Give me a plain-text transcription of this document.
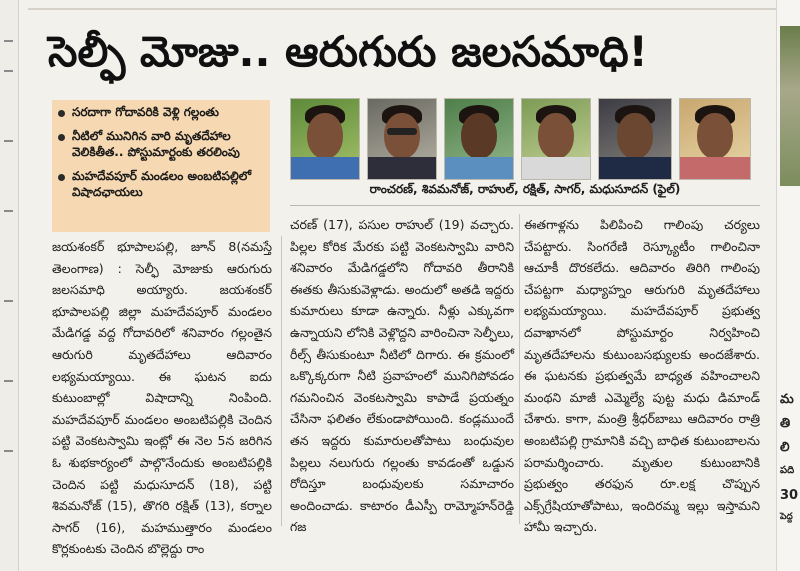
సెల్ఫీ మోజు.. ఆరుగురు జలసమాధి!
సరదాగా గోదావరికి వెళ్లి గల్లంతు
నీటిలో మునిగిన వారి మృతదేహాల వెలికితీత.. పోస్టుమార్టంకు తరలింపు
మహదేవపూర్ మండలం అంబటిపల్లిలో విషాదఛాయలు	రాంచరణ్, శివమనోజ్, రాహుల్, రక్షిత్, సాగర్, మధుసూదన్ (ఫైల్)
జయశంకర్ భూపాలపల్లి, జూన్ 8(నమస్తే తెలంగాణ) : సెల్ఫీ మోజుకు ఆరుగురు జలసమాధి అయ్యారు. జయశంకర్ భూపాలపల్లి జిల్లా మహదేవపూర్ మండలం మేడిగడ్డ వద్ద గోదావరిలో శనివారం గల్లంతైన ఆరుగురి మృతదేహాలు ఆదివారం లభ్యమయ్యాయి. ఈ ఘటన ఐదు కుటుంబాల్లో విషాదాన్ని నింపింది. మహదేవపూర్ మండలం అంబటిపల్లికి చెందిన పట్టి వెంకటస్వామి ఇంట్లో ఈ నెల 5న జరిగిన ఓ శుభకార్యంలో పాల్గొనేందుకు అంబటిపల్లికి చెందిన పట్టి మధుసూదన్ (18), పట్టి శివమనోజ్ (15), తొగరి రక్షిత్ (13), కర్నాల సాగర్ (16), మహముత్తారం మండలం కొర్లకుంటకు చెందిన బొల్లెద్దు రాం
చరణ్ (17), పసుల రాహుల్ (19) వచ్చారు. పిల్లల కోరిక మేరకు పట్టి వెంకటస్వామి వారిని శనివారం మేడిగడ్డలోని గోదావరి తీరానికి ఈతకు తీసుకువెళ్లాడు. అందులో అతడి ఇద్దరు కుమారులు కూడా ఉన్నారు. నీళ్లు ఎక్కువగా ఉన్నాయని లోనికి వెళ్లొద్దని వారించినా సెల్ఫీలు, రీల్స్ తీసుకుంటూ నీటిలో దిగారు. ఈ క్రమంలో ఒక్కొక్కరుగా నీటి ప్రవాహంలో మునిగిపోవడం గమనించిన వెంకటస్వామి కాపాడే ప్రయత్నం చేసినా ఫలితం లేకుండాపోయింది. కండ్లముందే తన ఇద్దరు కుమారులతోపాటు బంధువుల పిల్లలు నలుగురు గల్లంతు కావడంతో ఒడ్డున రోదిస్తూ బంధువులకు సమాచారం అందించాడు. కాటారం డీఎస్పీ రామ్మోహన్‌రెడ్డి గజ
ఈతగాళ్లను పిలిపించి గాలింపు చర్యలు చేపట్టారు. సింగరేణి రెస్క్యూటీం గాలించినా ఆచూకీ దొరకలేదు. ఆదివారం తిరిగి గాలింపు చేపట్టగా మధ్యాహ్నం ఆరుగురి మృతదేహాలు లభ్యమయ్యాయి. మహదేవపూర్ ప్రభుత్వ దవాఖానలో పోస్టుమార్టం నిర్వహించి మృతదేహాలను కుటుంబసభ్యులకు అందజేశారు. ఈ ఘటనకు ప్రభుత్వమే బాధ్యత వహించాలని మంథని మాజీ ఎమ్మెల్యే పుట్ట మధు డిమాండ్ చేశారు. కాగా, మంత్రి శ్రీధర్‌బాబు ఆదివారం రాత్రి అంబటిపల్లి గ్రామానికి వచ్చి బాధిత కుటుంబాలను పరామర్శించారు. మృతుల కుటుంబానికి ప్రభుత్వం తరఫున రూ.లక్ష చొప్పున ఎక్స్‌గ్రేషియాతోపాటు, ఇందిరమ్మ ఇల్లు ఇస్తామని హామీ ఇచ్చారు.
మ
తి
లి
పది
30
పెద్ద
